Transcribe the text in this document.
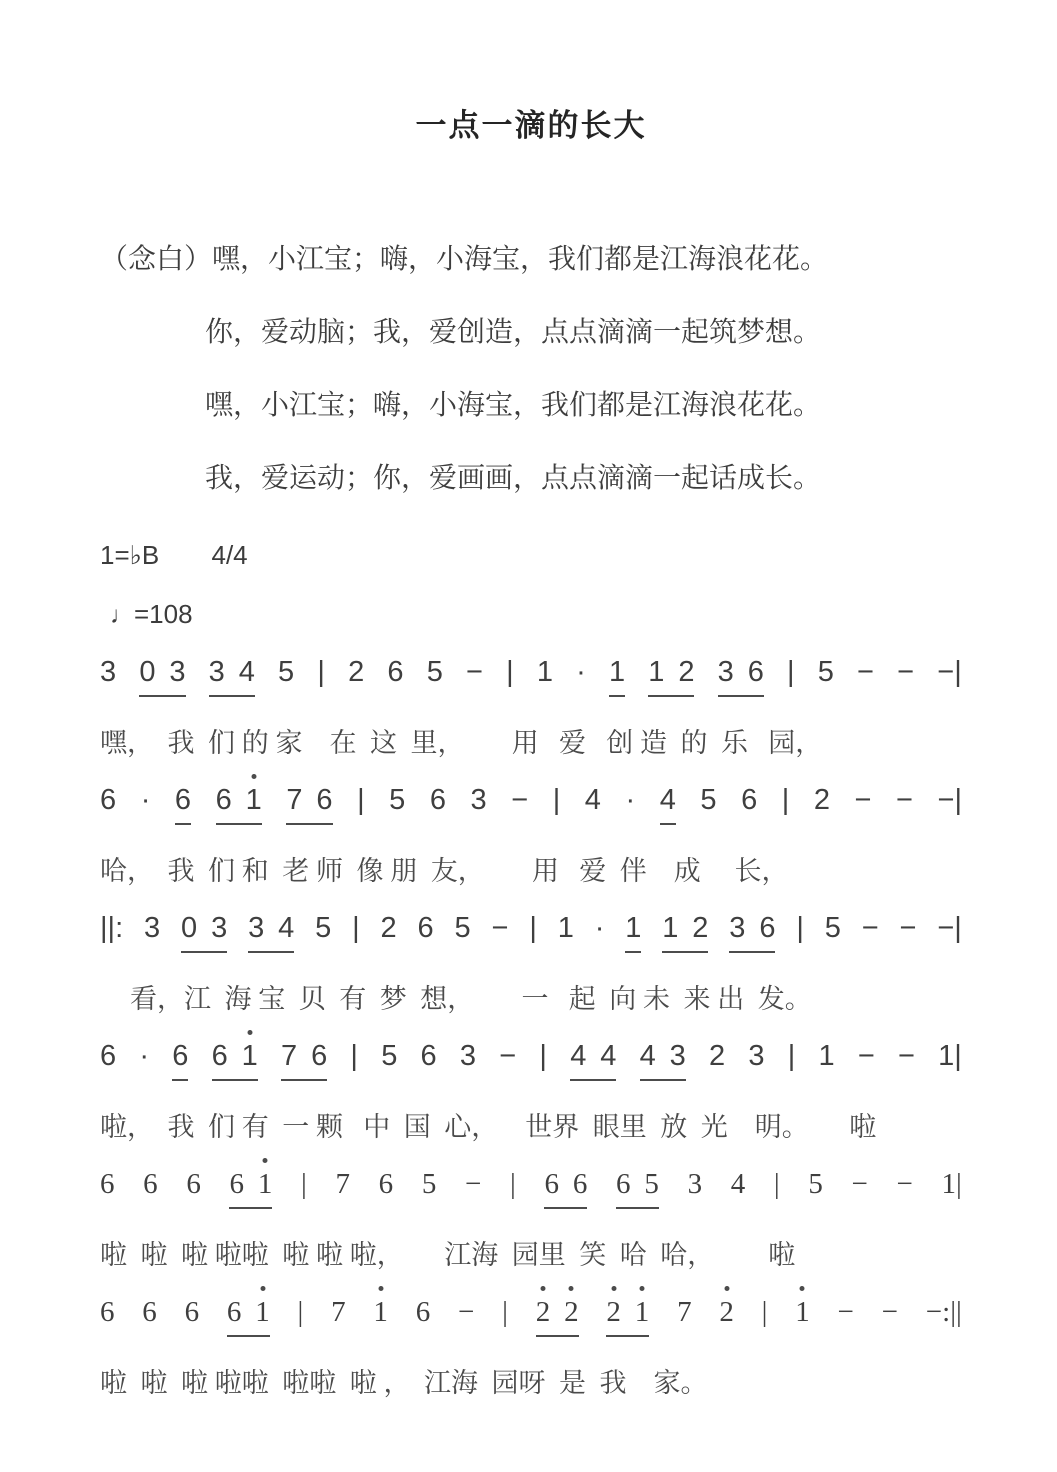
一点一滴的长大
（念白） 嘿，小江宝；嗨，小海宝，我们都是江海浪花花。
你，爱动脑；我，爱创造，点点滴滴一起筑梦想。
嘿，小江宝；嗨，小海宝，我们都是江海浪花花。
我，爱运动；你，爱画画，点点滴滴一起话成长。
1=♭B 4/4
♩=108
3 0 3 3 4 5 | 2 6 5 − | 1 · 1 1 2 3 6 | 5 − − −|
嘿，  我  们 的 家    在  这  里，       用   爱   创 造  的  乐   园，
6 · 6 6 1 7 6 | 5 6 3 − | 4 · 4 5 6 | 2 − − −|
哈，  我  们 和  老 师  像 朋  友，       用   爱  伴    成     长，
||: 3 0 3 3 4 5 | 2 6 5 − | 1 · 1 1 2 3 6 | 5 − − −|
看，江  海 宝  贝  有  梦  想，       一   起  向 未  来 出  发。
6 · 6 6 1 7 6 | 5 6 3 − | 4 4 4 3 2 3 | 1 − − 1|
啦，  我  们 有  一 颗   中  国  心，    世界  眼里  放  光    明。      啦
6 6 6 6 1 | 7 6 5 − | 6 6 6 5 3 4 | 5 − − 1|
啦  啦  啦 啦啦  啦 啦 啦，      江海  园里  笑  哈  哈，        啦
6 6 6 6 1 | 7 1 6 − | 2 2 2 1 7 2 | 1 − − −:||
啦  啦  啦 啦啦  啦啦  啦 ，  江海  园呀  是  我    家。
